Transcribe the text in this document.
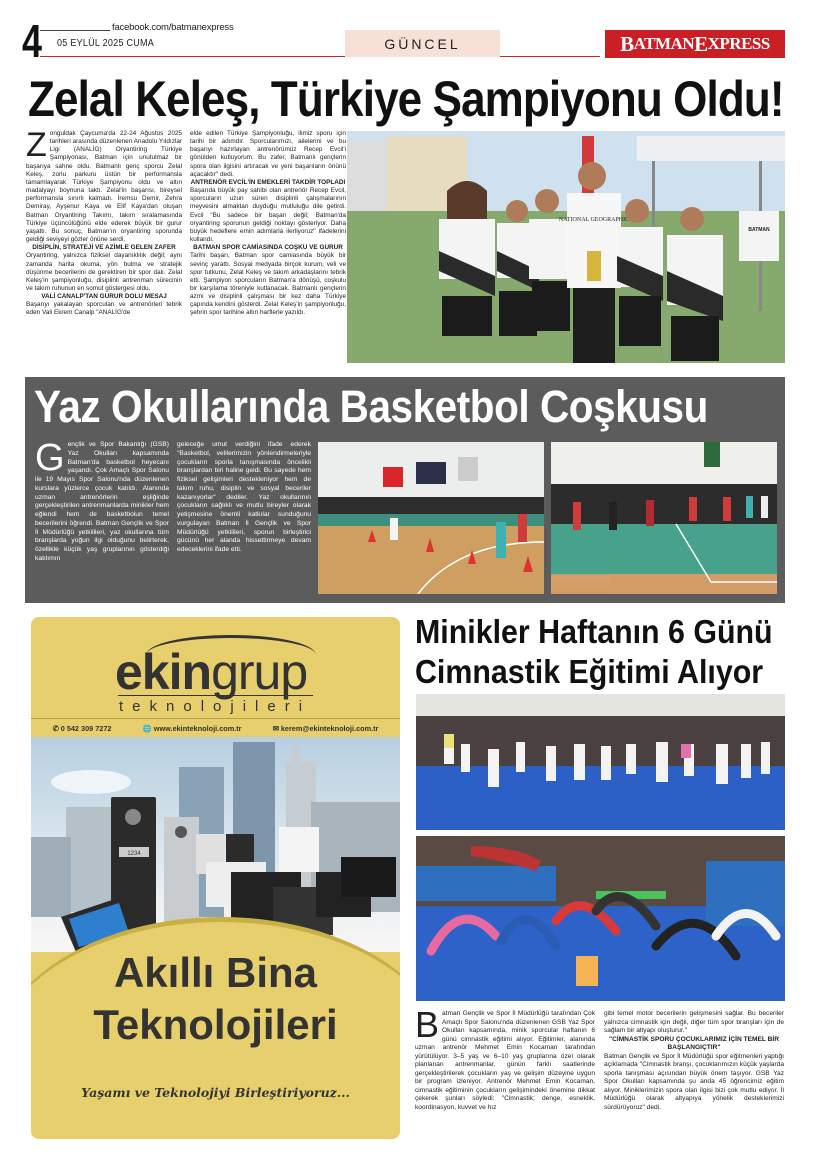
4	facebook.com/batmanexpress
05 EYLÜL 2025 CUMA	GÜNCEL	B ATMAN E XPRESS
Zelal Keleş, Türkiye Şampiyonu Oldu!

Zonguldak Çaycuma'da 22-24 Ağustos 2025 tarihleri arasında düzenlenen Anadolu Yıldızlar Ligi (ANALİG) Oryantiring Türkiye Şampiyonası, Batman için unutulmaz bir başarıya sahne oldu. Batmanlı genç sporcu Zelal Keleş, zorlu parkuru üstün bir performansla tamamlayarak Türkiye Şampiyonu oldu ve altın madalyayı boynuna taktı. Zelal'in başarısı, bireysel performansla sınırlı kalmadı. İremsu Demir, Zehra Demiray, Ayşenur Kaya ve Elif Kaya'dan oluşan Batman Oryantiring Takımı, takım sıralamasında Türkiye üçüncülüğünü elde ederek büyük bir gurur yaşattı. Bu sonuç, Batman'ın oryantiring sporunda geldiği seviyeyi gözler önüne serdi.

DİSİPLİN, STRATEJİ VE AZİMLE GELEN ZAFER

Oryantiring, yalnızca fiziksel dayanıklılık değil; aynı zamanda harita okuma, yön bulma ve stratejik düşünme becerilerini de gerektiren bir spor dalı. Zelal Keleş'in şampiyonluğu, disiplinli antrenman sürecinin ve takım ruhunun en somut göstergesi oldu.

VALİ CANALP'TAN GURUR DOLU MESAJ

Başarıyı yakalayan sporcuları ve antrenörleri tebrik eden Vali Ekrem Canalp "ANALİG'de

elde edilen Türkiye Şampiyonluğu, ilimiz sporu için tarihi bir adımdır. Sporcularımızı, ailelerini ve bu başarıyı hazırlayan antrenörümüz Recep Evcil'i gönülden kutluyorum. Bu zafer, Batmanlı gençlerin spora olan ilgisini artıracak ve yeni başarıların önünü açacaktır" dedi.

ANTRENÖR EVCİL'İN EMEKLERİ TAKDİR TOPLADI

Başarıda büyük pay sahibi olan antrenör Recep Evcil, sporcuların uzun süren disiplinli çalışmalarının meyvesini almaktan duyduğu mutluluğu dile getirdi. Evcil "Bu sadece bir başarı değil; Batman'da oryantiring sporunun geldiği noktayı gösteriyor. Daha büyük hedeflere emin adımlarla ilerliyoruz" ifadelerini kullandı.

BATMAN SPOR CAMİASINDA COŞKU VE GURUR

Tarihi başarı, Batman spor camiasında büyük bir sevinç yarattı. Sosyal medyada birçok kurum, veli ve spor tutkunu, Zelal Keleş ve takım arkadaşlarını tebrik etti. Şampiyon sporcuların Batman'a dönüşü, coşkulu bir karşılama töreniyle kutlanacak. Batmanlı gençlerin azmi ve disiplinli çalışması bir kez daha Türkiye çapında kendini gösterdi. Zelal Keleş'in şampiyonluğu, şehrin spor tarihine altın harflerle yazıldı.

NATIONAL GEOGRAPHIC
BATMAN
Yaz Okullarında Basketbol Coşkusu
Gençlik ve Spor Bakanlığı (GSB) Yaz Okulları kapsamında Batman'da basketbol heyecanı yaşandı. Çok Amaçlı Spor Salonu ile 19 Mayıs Spor Salonu'nda düzenlenen kurslara yüzlerce çocuk katıldı. Alanında uzman antrenörlerin eşliğinde gerçekleştirilen antrenmanlarda minikler hem eğlendi hem de basketbolun temel becerilerini öğrendi. Batman Gençlik ve Spor İl Müdürlüğü yetkilileri, yaz okullarına tüm branşlarda yoğun ilgi olduğunu belirterek, özellikle küçük yaş gruplarının gösterdiği katılımın
geleceğe umut verdiğini ifade ederek "Basketbol, velilerimizin yönlendirmeleriyle çocukların sporla tanışmasında öncelikli branşlardan biri haline geldi. Bu sayede hem fiziksel gelişimleri destekleniyor hem de takım ruhu, disiplin ve sosyal beceriler kazanıyorlar" dediler. Yaz okullarının çocukların sağlıklı ve mutlu bireyler olarak yetişmesine önemli katkılar sunduğunu vurgulayan Batman İl Gençlik ve Spor Müdürlüğü yetkilileri, sporun birleştirici gücünü her alanda hissettirmeye devam edeceklerini ifade etti.
ekingrup
teknolojileri
✆ 0 542 309 7272	🌐 www.ekinteknoloji.com.tr	✉ kerem@ekinteknoloji.com.tr
1234
Akıllı Bina
Teknolojileri
Yaşamı ve Teknolojiyi Birleştiriyoruz...
Minikler Haftanın 6 Günü
Cimnastik Eğitimi Alıyor
Batman Gençlik ve Spor İl Müdürlüğü tarafından Çok Amaçlı Spor Salonu'nda düzenlenen GSB Yaz Spor Okulları kapsamında, minik sporcular haftanın 6 günü cimnastik eğitimi alıyor. Eğitimler, alanında uzman antrenör Mehmet Emin Kocaman tarafından yürütülüyor. 3–5 yaş ve 6–10 yaş gruplarına özel olarak planlanan antrenmanlar, günün farklı saatlerinde gerçekleştirilerek çocukların yaş ve gelişim düzeyine uygun bir program izleniyor. Antrenör Mehmet Emin Kocaman, cimnastik eğitiminin çocukların gelişimindeki önemine dikkat çekerek şunları söyledi: "Cimnastik; denge, esneklik, koordinasyon, kuvvet ve hız

gibi temel motor becerilerin gelişmesini sağlar. Bu beceriler yalnızca cimnastik için değil, diğer tüm spor branşları için de sağlam bir altyapı oluşturur."

"CİMNASTİK SPORU ÇOCUKLARIMIZ İÇİN TEMEL BİR BAŞLANGIÇTIR"

Batman Gençlik ve Spor İl Müdürlüğü spor eğitmenleri yaptığı açıklamada "Cimnastik branşı, çocuklarımızın küçük yaşlarda sporla tanışması açısından büyük önem taşıyor. GSB Yaz Spor Okulları kapsamında şu anda 45 öğrencimiz eğitim alıyor. Miniklerimizin spora olan ilgisi bizi çok mutlu ediyor. İl Müdürlüğü olarak altyapıya yönelik desteklerimizi sürdürüyoruz" dedi.
